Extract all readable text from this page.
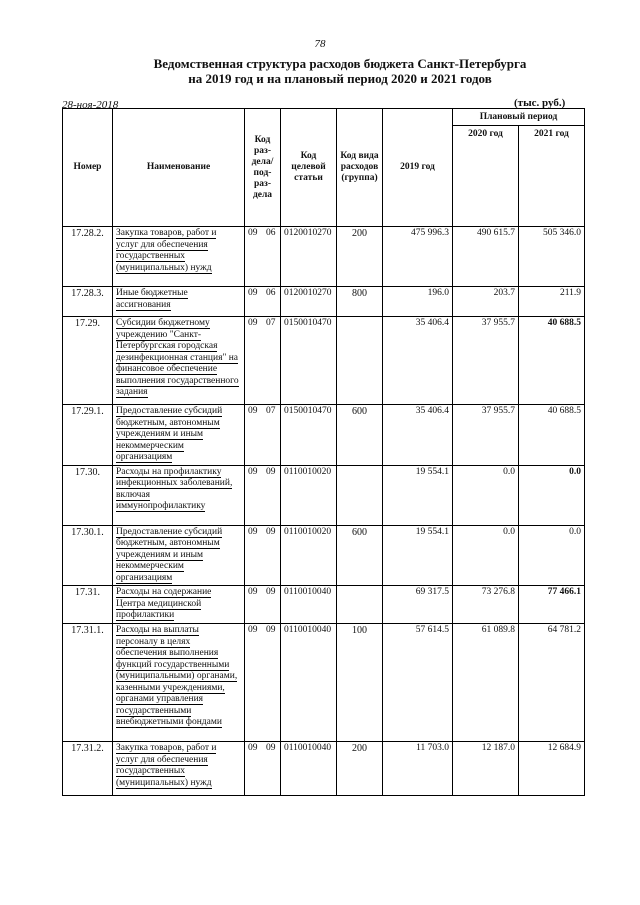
78
Ведомственная структура расходов бюджета Санкт-Петербурга
на 2019 год и на плановый период 2020 и 2021 годов
28-ноя-2018	(тыс. руб.)
Номер	Наименование	Код раз-дела/ под-раз-дела	Код целевой статьи	Код вида расходов (группа)	2019 год	Плановый период	
						2020 год	2021 год
17.28.2.	Закупка товаров, работ и услуг для обеспечения государственных (муниципальных) нужд	09 06	0120010270	200	475 996.3	490 615.7	505 346.0
17.28.3.	Иные бюджетные ассигнования	09 06	0120010270	800	196.0	203.7	211.9
17.29.	Субсидии бюджетному учреждению "Санкт-Петербургская городская дезинфекционная станция" на финансовое обеспечение выполнения государственного задания	09 07	0150010470		35 406.4	37 955.7	40 688.5
17.29.1.	Предоставление субсидий бюджетным, автономным учреждениям и иным некоммерческим организациям	09 07	0150010470	600	35 406.4	37 955.7	40 688.5
17.30.	Расходы на профилактику инфекционных заболеваний, включая иммунопрофилактику	09 09	0110010020		19 554.1	0.0	0.0
17.30.1.	Предоставление субсидий бюджетным, автономным учреждениям и иным некоммерческим организациям	09 09	0110010020	600	19 554.1	0.0	0.0
17.31.	Расходы на содержание Центра медицинской профилактики	09 09	0110010040		69 317.5	73 276.8	77 466.1
17.31.1.	Расходы на выплаты персоналу в целях обеспечения выполнения функций государственными (муниципальными) органами, казенными учреждениями, органами управления государственными внебюджетными фондами	09 09	0110010040	100	57 614.5	61 089.8	64 781.2
17.31.2.	Закупка товаров, работ и услуг для обеспечения государственных (муниципальных) нужд	09 09	0110010040	200	11 703.0	12 187.0	12 684.9
